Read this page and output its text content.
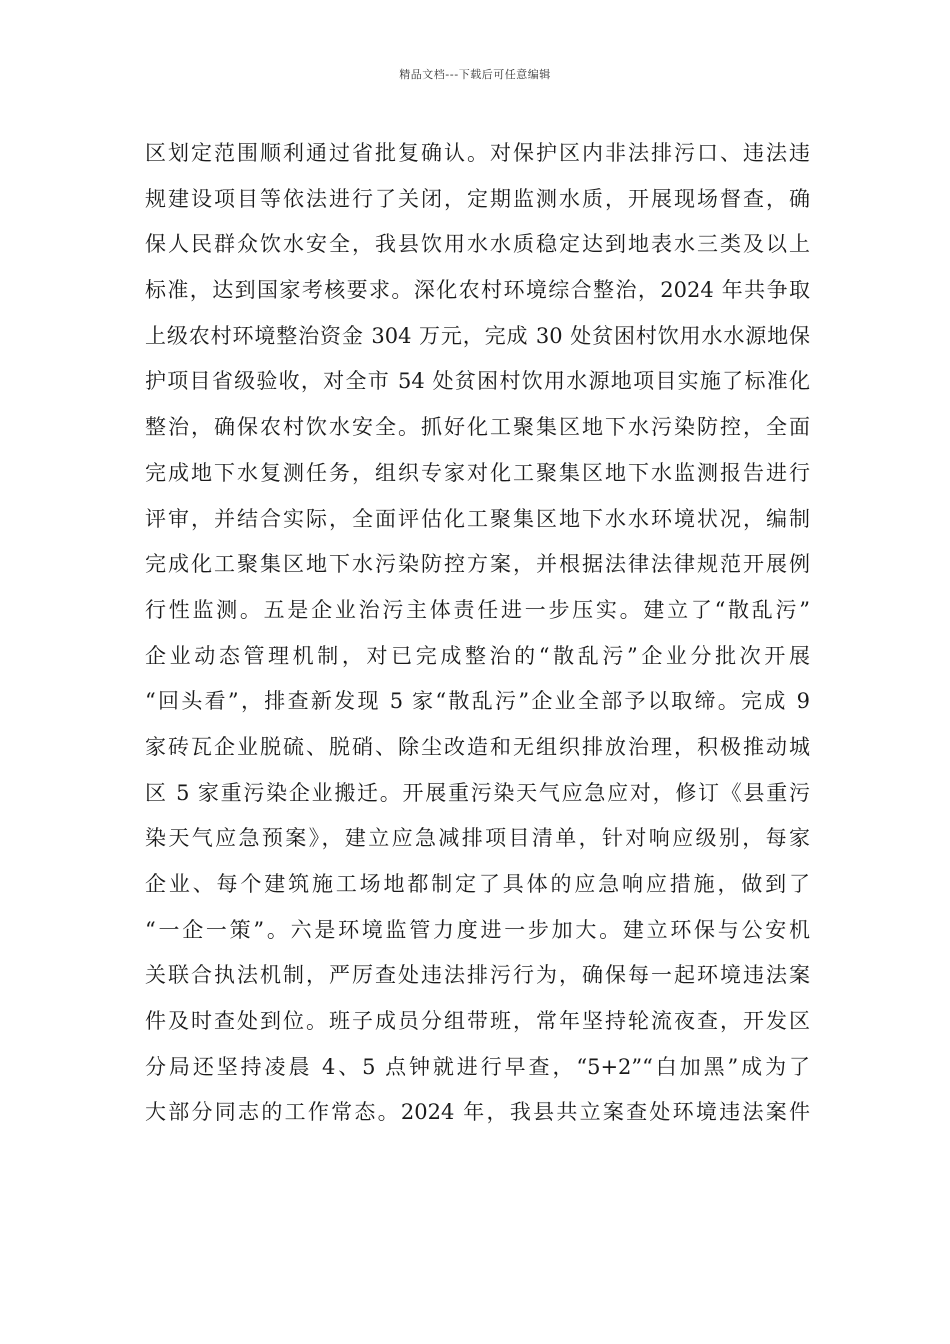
精品文档---下载后可任意编辑
区划定范围顺利通过省批复确认。对保护区内非法排污口、违法违
规建设项目等依法进行了关闭，定期监测水质，开展现场督查，确
保人民群众饮水安全，我县饮用水水质稳定达到地表水三类及以上
标准，达到国家考核要求。深化农村环境综合整治，2024 年共争取
上级农村环境整治资金 304 万元，完成 30 处贫困村饮用水水源地保
护项目省级验收，对全市 54 处贫困村饮用水源地项目实施了标准化
整治，确保农村饮水安全。抓好化工聚集区地下水污染防控，全面
完成地下水复测任务，组织专家对化工聚集区地下水监测报告进行
评审，并结合实际，全面评估化工聚集区地下水水环境状况，编制
完成化工聚集区地下水污染防控方案，并根据法律法律规范开展例
行性监测。五是企业治污主体责任进一步压实。建立了“散乱污”
企业动态管理机制，对已完成整治的“散乱污”企业分批次开展
“回头看”，排查新发现 5 家“散乱污”企业全部予以取缔。完成 9
家砖瓦企业脱硫、脱硝、除尘改造和无组织排放治理，积极推动城
区 5 家重污染企业搬迁。开展重污染天气应急应对，修订《县重污
染天气应急预案》，建立应急减排项目清单，针对响应级别，每家
企业、每个建筑施工场地都制定了具体的应急响应措施，做到了
“一企一策”。六是环境监管力度进一步加大。建立环保与公安机
关联合执法机制，严厉查处违法排污行为，确保每一起环境违法案
件及时查处到位。班子成员分组带班，常年坚持轮流夜查，开发区
分局还坚持凌晨 4、5 点钟就进行早查，“5+2”“白加黑”成为了
大部分同志的工作常态。2024 年，我县共立案查处环境违法案件
